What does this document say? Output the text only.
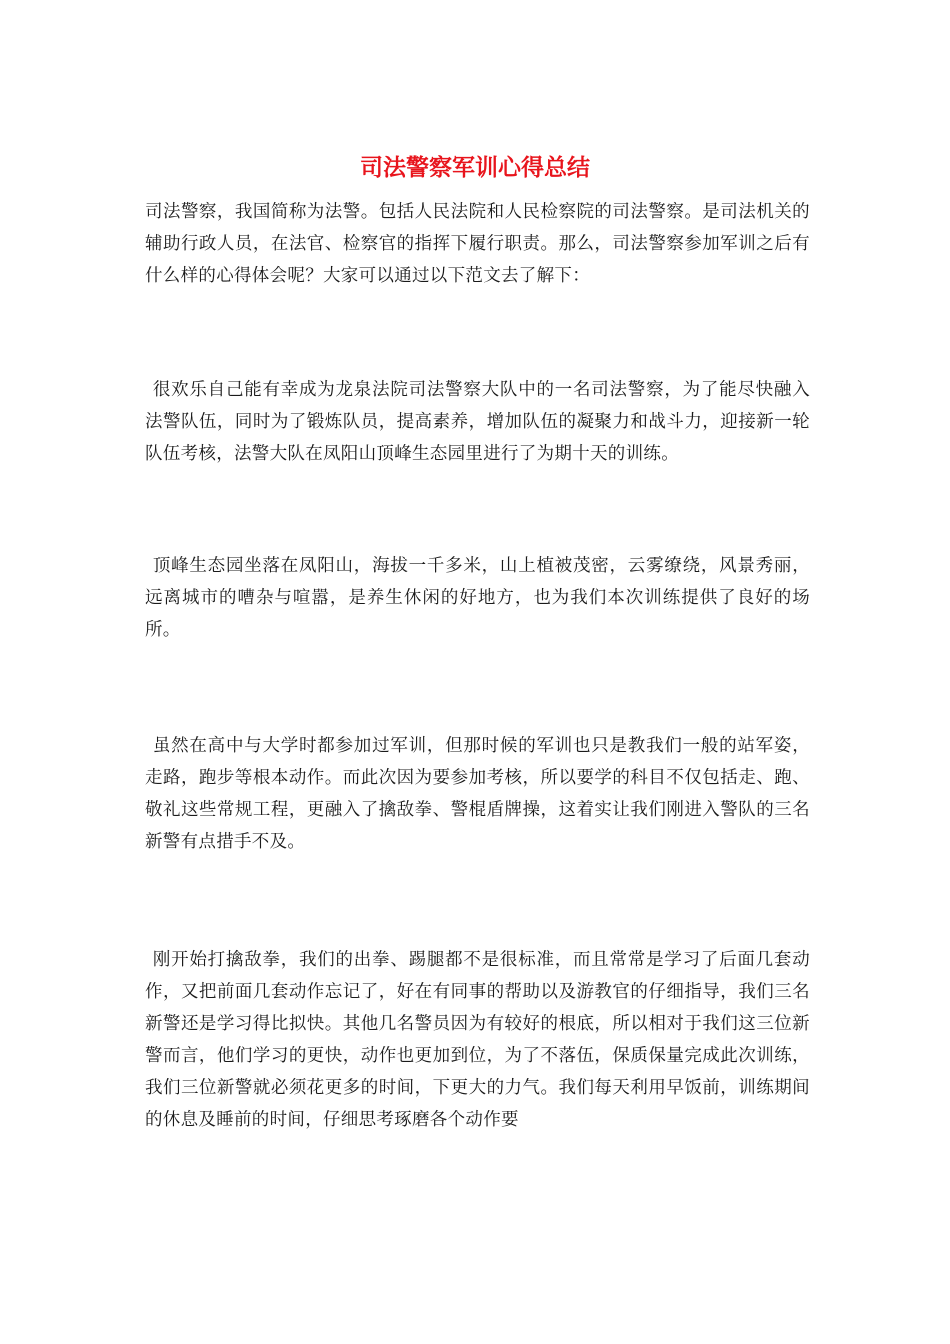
司法警察军训心得总结

司法警察，我国简称为法警。包括人民法院和人民检察院的司法警察。是司法机关的辅助行政人员，在法官、检察官的指挥下履行职责。那么，司法警察参加军训之后有什么样的心得体会呢？大家可以通过以下范文去了解下：

很欢乐自己能有幸成为龙泉法院司法警察大队中的一名司法警察，为了能尽快融入法警队伍，同时为了锻炼队员，提高素养，增加队伍的凝聚力和战斗力，迎接新一轮队伍考核，法警大队在凤阳山顶峰生态园里进行了为期十天的训练。

顶峰生态园坐落在凤阳山，海拔一千多米，山上植被茂密，云雾缭绕，风景秀丽，远离城市的嘈杂与喧嚣，是养生休闲的好地方，也为我们本次训练提供了良好的场所。

虽然在高中与大学时都参加过军训，但那时候的军训也只是教我们一般的站军姿，走路，跑步等根本动作。而此次因为要参加考核，所以要学的科目不仅包括走、跑、敬礼这些常规工程，更融入了擒敌拳、警棍盾牌操，这着实让我们刚进入警队的三名新警有点措手不及。

刚开始打擒敌拳，我们的出拳、踢腿都不是很标准，而且常常是学习了后面几套动作，又把前面几套动作忘记了，好在有同事的帮助以及游教官的仔细指导，我们三名新警还是学习得比拟快。其他几名警员因为有较好的根底，所以相对于我们这三位新警而言，他们学习的更快，动作也更加到位，为了不落伍，保质保量完成此次训练，我们三位新警就必须花更多的时间，下更大的力气。我们每天利用早饭前，训练期间的休息及睡前的时间，仔细思考琢磨各个动作要
